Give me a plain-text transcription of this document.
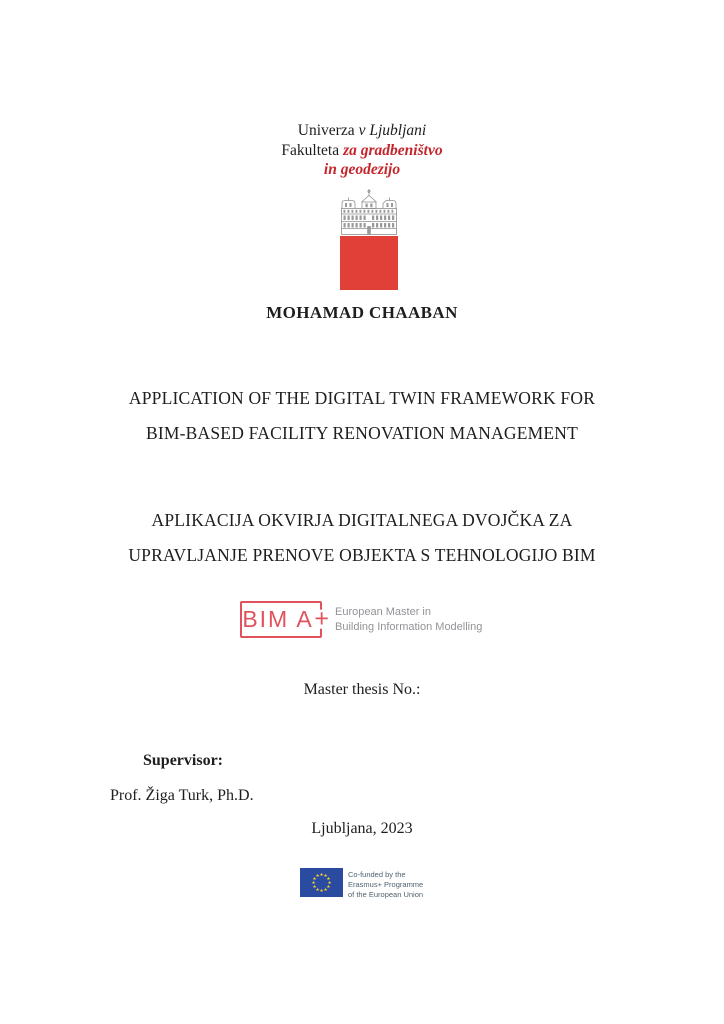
Univerza v Ljubljani
Fakulteta za gradbeništvo
in geodezijo
MOHAMAD CHAABAN
APPLICATION OF THE DIGITAL TWIN FRAMEWORK FOR
BIM-BASED FACILITY RENOVATION MANAGEMENT
APLIKACIJA OKVIRJA DIGITALNEGA DVOJČKA ZA
UPRAVLJANJE PRENOVE OBJEKTA S TEHNOLOGIJO BIM
BIM A + European Master in
Building Information Modelling
Master thesis No.:
Supervisor:
Prof. Žiga Turk, Ph.D.
Ljubljana, 2023
★ ★
★
★
★
★
★
★
★
★
★
★	Co-funded by the
Erasmus+ Programme
of the European Union
